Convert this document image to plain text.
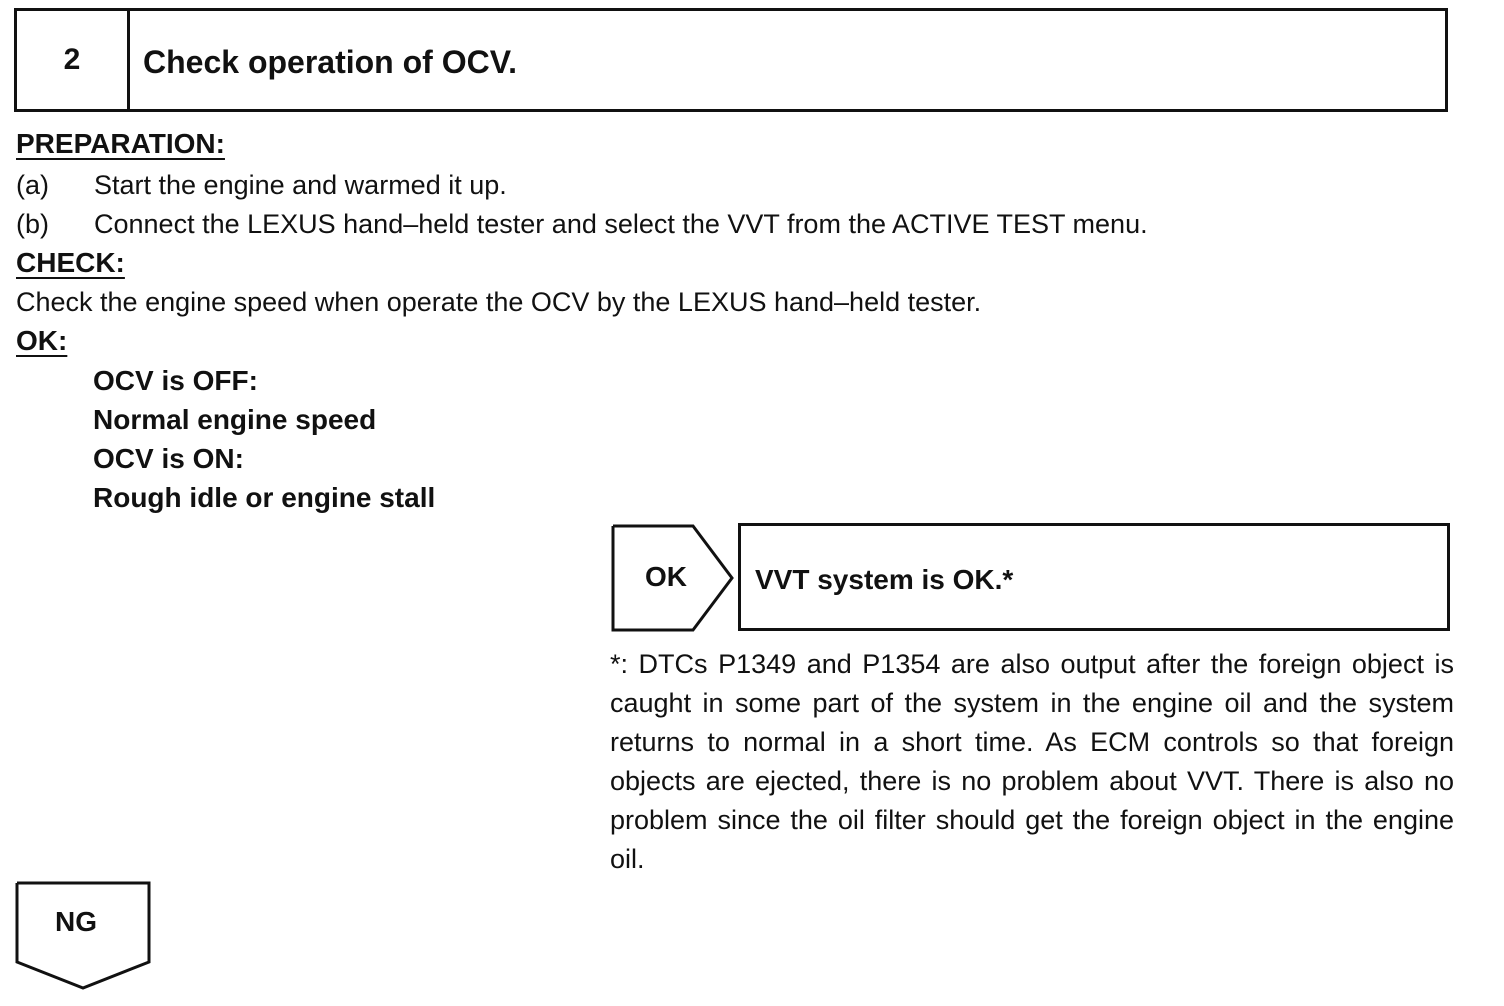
2	Check operation of OCV.
PREPARATION:
(a) Start the engine and warmed it up.
(b) Connect the LEXUS hand–held tester and select the VVT from the ACTIVE TEST menu.
CHECK:
Check the engine speed when operate the OCV by the LEXUS hand–held tester.
OK:
OCV is OFF:
Normal engine speed
OCV is ON:
Rough idle or engine stall
OK VVT system is OK.*
*: DTCs P1349 and P1354 are also output after the foreign object is caught in some part of the system in the engine oil and the system returns to normal in a short time. As ECM controls so that foreign objects are ejected, there is no problem about VVT. There is also no problem since the oil filter should get the foreign object in the engine oil.
NG
